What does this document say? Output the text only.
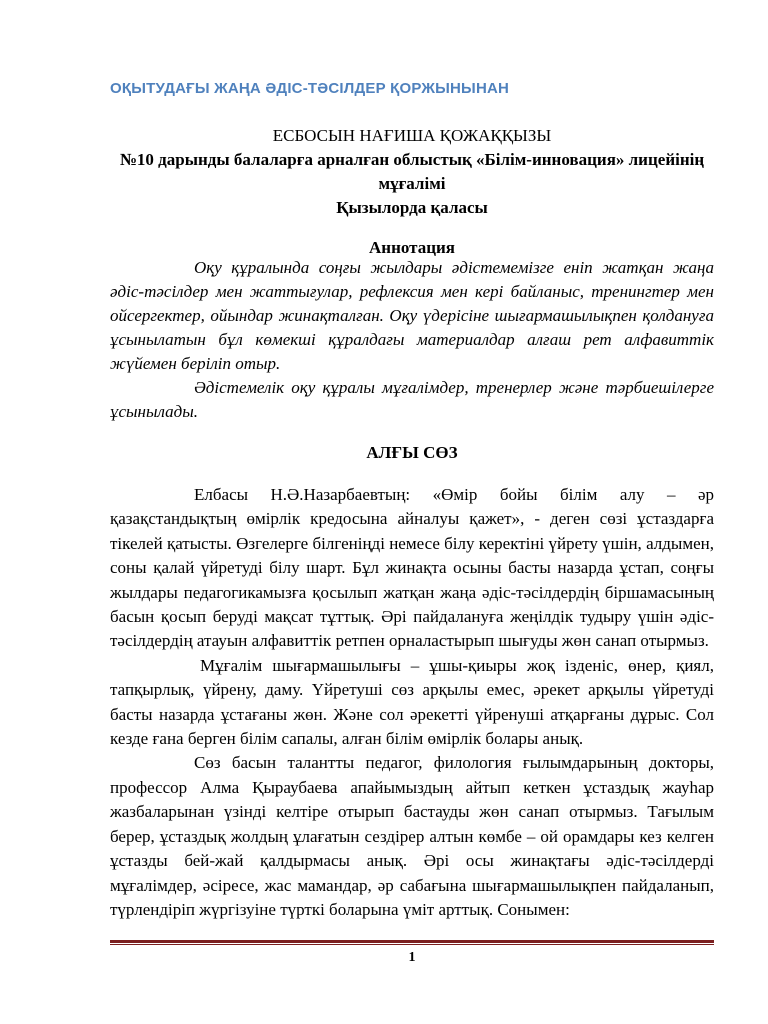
ОҚЫТУДАҒЫ ЖАҢА ӘДІС-ТӘСІЛДЕР ҚОРЖЫНЫНАН
ЕСБОСЫН НАҒИША ҚОЖАҚҚЫЗЫ
№10 дарынды балаларға арналған облыстық «Білім-инновация» лицейінің мұғалімі
Қызылорда қаласы
Аннотация

Оқу құралында соңғы жылдары әдістемемізге еніп жатқан жаңа әдіс-тәсілдер мен жаттығулар, рефлексия мен кері байланыс, тренингтер мен ойсергектер, ойындар жинақталған. Оқу үдерісіне шығармашылықпен қолдануға ұсынылатын бұл көмекші құралдағы материалдар алғаш рет алфавиттік жүйемен берілiп отыр.

Әдістемелік оқу құралы мұғалімдер, тренерлер және тәрбиешілерге ұсынылады.

АЛҒЫ СӨЗ

Елбасы Н.Ә.Назарбаевтың: «Өмір бойы білім алу – әр қазақстандықтың өмірлік кредосына айналуы қажет», - деген сөзі ұстаздарға тікелей қатысты. Өзгелерге білгеніңді немесе білу керектіні үйрету үшін, алдымен, соны қалай үйретуді білу шарт. Бұл жинақта осыны басты назарда ұстап, соңғы жылдары педагогикамызға қосылып жатқан жаңа әдіс-тәсілдердің біршамасының басын қосып беруді мақсат тұттық. Әрі пайдалануға жеңілдік тудыру үшін әдіс-тәсілдердің атауын алфавиттік ретпен орналастырып шығуды жөн санап отырмыз.

Мұғалім шығармашылығы – ұшы-қиыры жоқ ізденіс, өнер, қиял, тапқырлық, үйрену, даму. Үйретуші сөз арқылы емес, әрекет арқылы үйретуді басты назарда ұстағаны жөн. Және сол әрекетті үйренуші атқарғаны дұрыс. Сол кезде ғана берген білім сапалы, алған білім өмірлік болары анық.

Сөз басын талантты педагог, филология ғылымдарының докторы, профессор Алма Қыраубаева апайымыздың айтып кеткен ұстаздық жауһар жазбаларынан үзінді келтіре отырып бастауды жөн санап отырмыз. Тағылым берер, ұстаздық жолдың ұлағатын сездірер алтын көмбе – ой орамдары кез келген ұстазды бей-жай қалдырмасы анық. Әрі осы жинақтағы әдіс-тәсілдерді мұғалімдер, әсіресе, жас мамандар, әр сабағына шығармашылықпен пайдаланып, түрлендіріп жүргізуіне түрткі боларына үміт арттық. Сонымен:

1
